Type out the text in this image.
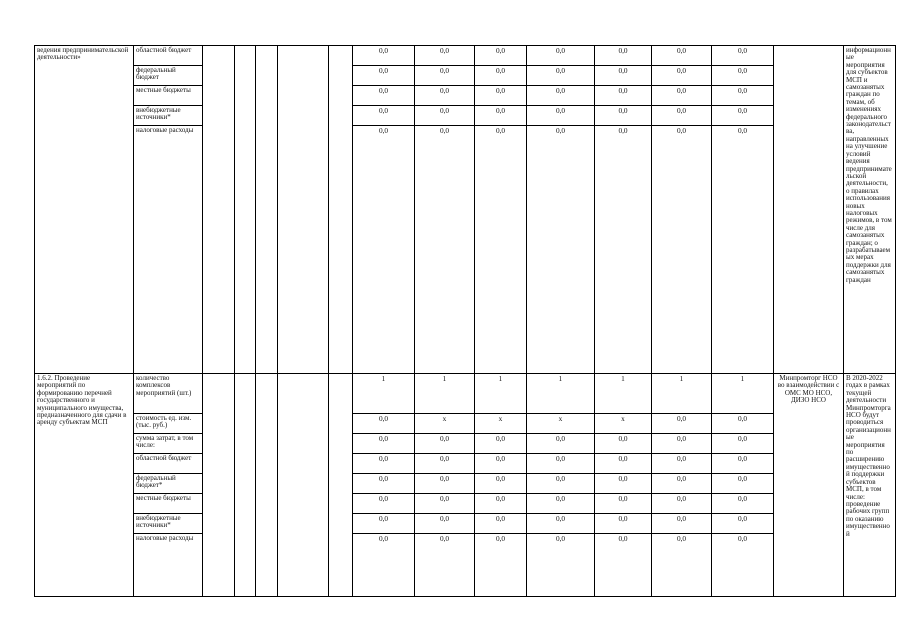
ведения предпринимательской деятельности»	областной бюджет						0,0	0,0	0,0	0,0	0,0	0,0	0,0		информационные мероприятия для субъектов МСП и самозанятых граждан по темам, об изменениях федерального законодательства, направленных на улучшение условий ведения предпринимательской деятельности, о правилах использования новых налоговых режимов, в том числе для самозанятых граждан; о разрабатываемых мерах поддержки для самозанятых граждан
	федеральный бюджет						0,0	0,0	0,0	0,0	0,0	0,0	0,0		
	местные бюджеты						0,0	0,0	0,0	0,0	0,0	0,0	0,0		
	внебюджетные источники*						0,0	0,0	0,0	0,0	0,0	0,0	0,0		
	налоговые расходы						0,0	0,0	0,0	0,0	0,0	0,0	0,0		
1.6.2. Проведение мероприятий по формированию перечней государственного и муниципального имущества, предназначенного для сдачи в аренду субъектам МСП	количество комплексов мероприятий (шт.)						1	1	1	1	1	1	1	Минпромторг НСО во взаимодействии с ОМС МО НСО, ДИЗО НСО	В 2020-2022 годах в рамках текущей деятельности Минпромторга НСО будут проводиться организационные мероприятия по расширению имущественной поддержки субъектов МСП, в том числе: проведение рабочих групп по оказанию имущественной
	стоимость ед. изм. (тыс. руб.)						0,0	х	х	х	х	0,0	0,0		
	сумма затрат, в том числе:						0,0	0,0	0,0	0,0	0,0	0,0	0,0		
	областной бюджет						0,0	0,0	0,0	0,0	0,0	0,0	0,0		
	федеральный бюджет*						0,0	0,0	0,0	0,0	0,0	0,0	0,0		
	местные бюджеты						0,0	0,0	0,0	0,0	0,0	0,0	0,0		
	внебюджетные источники*						0,0	0,0	0,0	0,0	0,0	0,0	0,0		
	налоговые расходы						0,0	0,0	0,0	0,0	0,0	0,0	0,0		
